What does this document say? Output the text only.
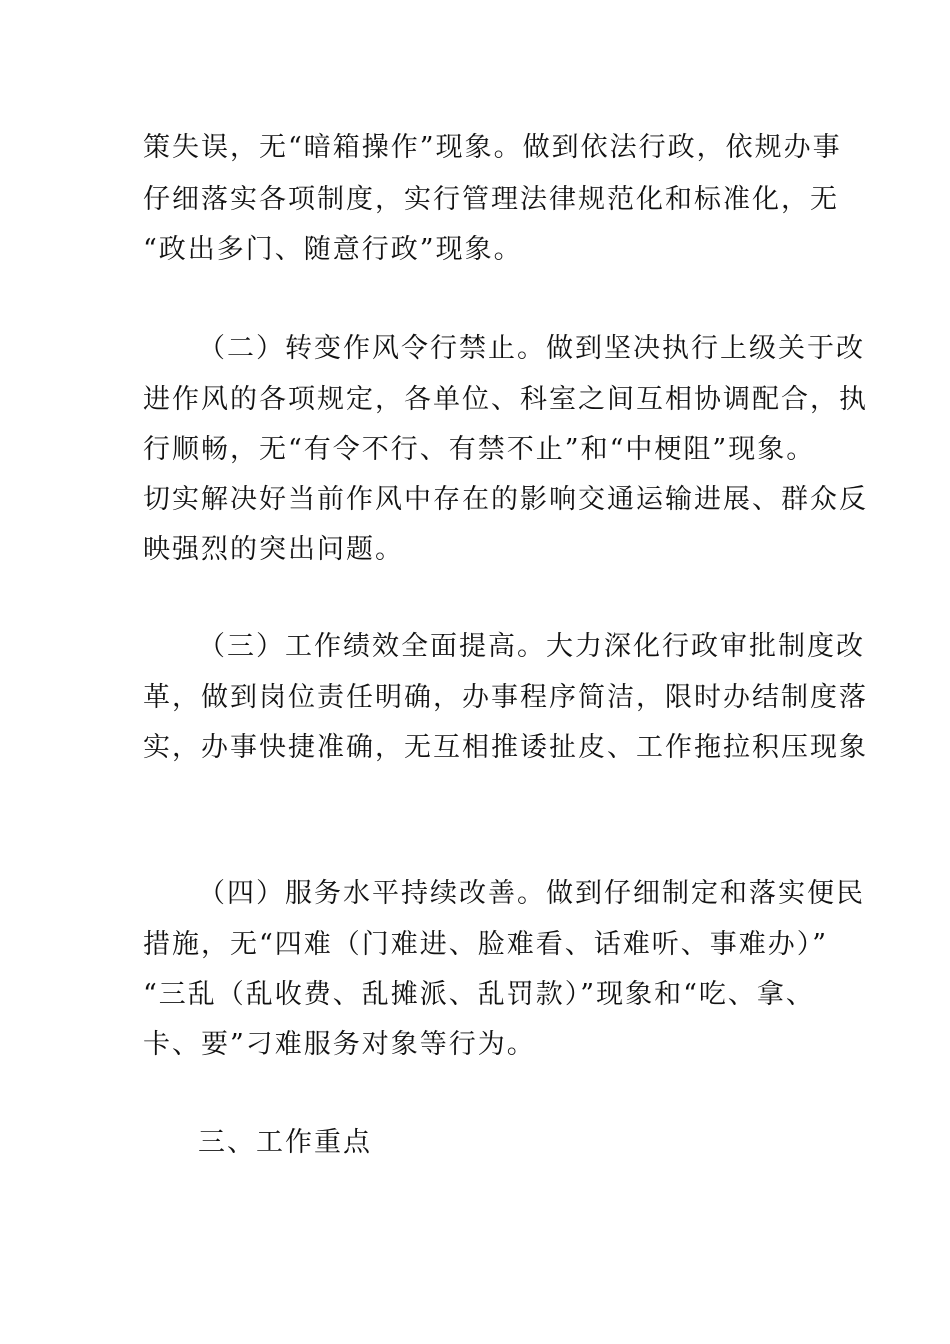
策失误，无“暗箱操作”现象。做到依法行政，依规办事
仔细落实各项制度，实行管理法律规范化和标准化，无
“政出多门、随意行政”现象。
（二）转变作风令行禁止。做到坚决执行上级关于改
进作风的各项规定，各单位、科室之间互相协调配合，执
行顺畅，无“有令不行、有禁不止”和“中梗阻”现象。
切实解决好当前作风中存在的影响交通运输进展、群众反
映强烈的突出问题。
（三）工作绩效全面提高。大力深化行政审批制度改
革，做到岗位责任明确，办事程序简洁，限时办结制度落
实，办事快捷准确，无互相推诿扯皮、工作拖拉积压现象
（四）服务水平持续改善。做到仔细制定和落实便民
措施，无“四难（门难进、脸难看、话难听、事难办）”
“三乱（乱收费、乱摊派、乱罚款）”现象和“吃、拿、
卡、要”刁难服务对象等行为。
三、工作重点
